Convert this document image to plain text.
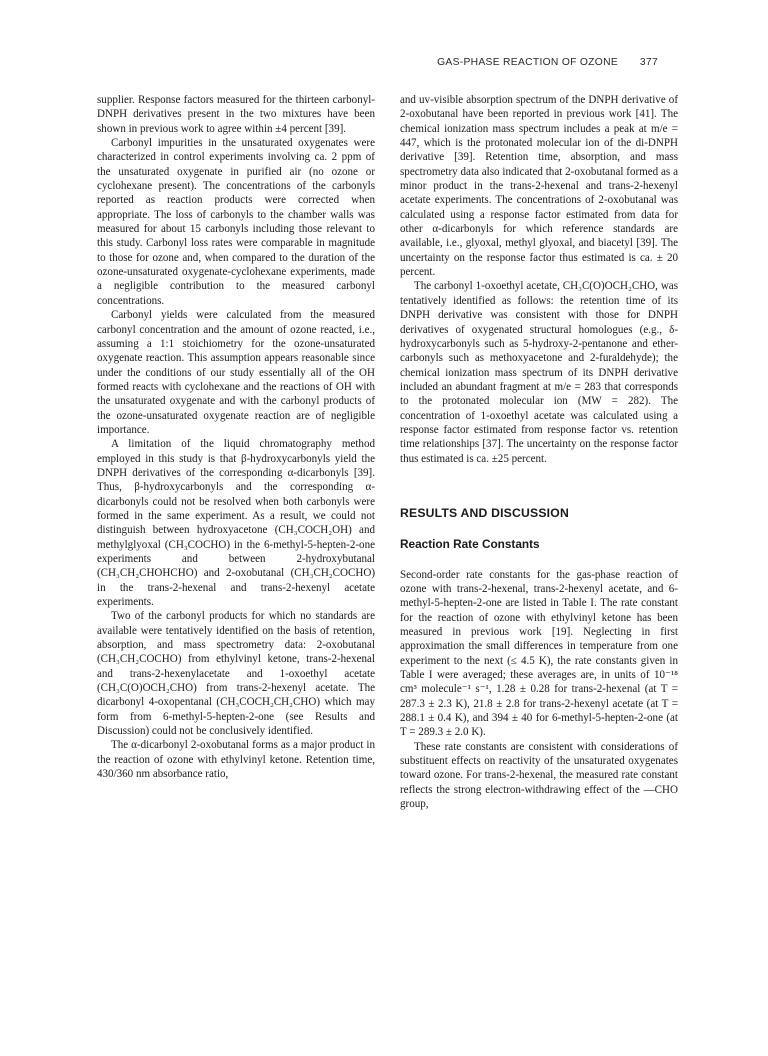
GAS-PHASE REACTION OF OZONE 377

supplier. Response factors measured for the thirteen carbonyl-DNPH derivatives present in the two mixtures have been shown in previous work to agree within ±4 percent [39].

Carbonyl impurities in the unsaturated oxygenates were characterized in control experiments involving ca. 2 ppm of the unsaturated oxygenate in purified air (no ozone or cyclohexane present). The concentrations of the carbonyls reported as reaction products were corrected when appropriate. The loss of carbonyls to the chamber walls was measured for about 15 carbonyls including those relevant to this study. Carbonyl loss rates were comparable in magnitude to those for ozone and, when compared to the duration of the ozone-unsaturated oxygenate-cyclohexane experiments, made a negligible contribution to the measured carbonyl concentrations.

Carbonyl yields were calculated from the measured carbonyl concentration and the amount of ozone reacted, i.e., assuming a 1:1 stoichiometry for the ozone-unsaturated oxygenate reaction. This assumption appears reasonable since under the conditions of our study essentially all of the OH formed reacts with cyclohexane and the reactions of OH with the unsaturated oxygenate and with the carbonyl products of the ozone-unsaturated oxygenate reaction are of negligible importance.

A limitation of the liquid chromatography method employed in this study is that β-hydroxycarbonyls yield the DNPH derivatives of the corresponding α-dicarbonyls [39]. Thus, β-hydroxycarbonyls and the corresponding α-dicarbonyls could not be resolved when both carbonyls were formed in the same experiment. As a result, we could not distinguish between hydroxyacetone (CH₃COCH₂OH) and methylglyoxal (CH₃COCHO) in the 6-methyl-5-hepten-2-one experiments and between 2-hydroxybutanal (CH₃CH₂CHOHCHO) and 2-oxobutanal (CH₃CH₂COCHO) in the trans-2-hexenal and trans-2-hexenyl acetate experiments.

Two of the carbonyl products for which no standards are available were tentatively identified on the basis of retention, absorption, and mass spectrometry data: 2-oxobutanal (CH₃CH₂COCHO) from ethylvinyl ketone, trans-2-hexenal and trans-2-hexenylacetate and 1-oxoethyl acetate (CH₃C(O)OCH₂CHO) from trans-2-hexenyl acetate. The dicarbonyl 4-oxopentanal (CH₃COCH₂CH₂CHO) which may form from 6-methyl-5-hepten-2-one (see Results and Discussion) could not be conclusively identified.

The α-dicarbonyl 2-oxobutanal forms as a major product in the reaction of ozone with ethylvinyl ketone. Retention time, 430/360 nm absorbance ratio,

and uv-visible absorption spectrum of the DNPH derivative of 2-oxobutanal have been reported in previous work [41]. The chemical ionization mass spectrum includes a peak at m/e = 447, which is the protonated molecular ion of the di-DNPH derivative [39]. Retention time, absorption, and mass spectrometry data also indicated that 2-oxobutanal formed as a minor product in the trans-2-hexenal and trans-2-hexenyl acetate experiments. The concentrations of 2-oxobutanal was calculated using a response factor estimated from data for other α-dicarbonyls for which reference standards are available, i.e., glyoxal, methyl glyoxal, and biacetyl [39]. The uncertainty on the response factor thus estimated is ca. ± 20 percent.

The carbonyl 1-oxoethyl acetate, CH₃C(O)OCH₂CHO, was tentatively identified as follows: the retention time of its DNPH derivative was consistent with those for DNPH derivatives of oxygenated structural homologues (e.g., δ-hydroxycarbonyls such as 5-hydroxy-2-pentanone and ether-carbonyls such as methoxyacetone and 2-furaldehyde); the chemical ionization mass spectrum of its DNPH derivative included an abundant fragment at m/e = 283 that corresponds to the protonated molecular ion (MW = 282). The concentration of 1-oxoethyl acetate was calculated using a response factor estimated from response factor vs. retention time relationships [37]. The uncertainty on the response factor thus estimated is ca. ±25 percent.

RESULTS AND DISCUSSION
Reaction Rate Constants

Second-order rate constants for the gas-phase reaction of ozone with trans-2-hexenal, trans-2-hexenyl acetate, and 6-methyl-5-hepten-2-one are listed in Table I. The rate constant for the reaction of ozone with ethylvinyl ketone has been measured in previous work [19]. Neglecting in first approximation the small differences in temperature from one experiment to the next (≤ 4.5 K), the rate constants given in Table I were averaged; these averages are, in units of 10⁻¹⁸ cm³ molecule⁻¹ s⁻¹, 1.28 ± 0.28 for trans-2-hexenal (at T = 287.3 ± 2.3 K), 21.8 ± 2.8 for trans-2-hexenyl acetate (at T = 288.1 ± 0.4 K), and 394 ± 40 for 6-methyl-5-hepten-2-one (at T = 289.3 ± 2.0 K).

These rate constants are consistent with considerations of substituent effects on reactivity of the unsaturated oxygenates toward ozone. For trans-2-hexenal, the measured rate constant reflects the strong electron-withdrawing effect of the —CHO group,
